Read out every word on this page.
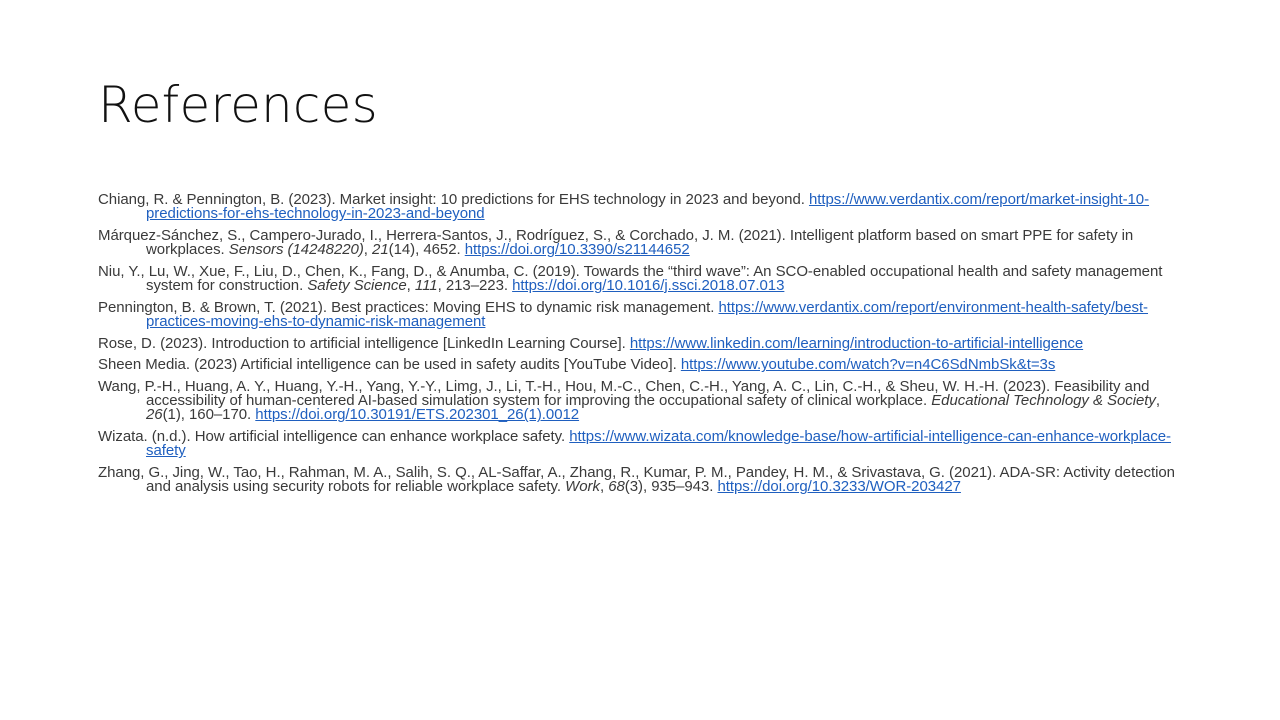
References

Chiang, R. & Pennington, B. (2023). Market insight: 10 predictions for EHS technology in 2023 and beyond. https://www.verdantix.com/report/market-insight-10-predictions-for-ehs-technology-in-2023-and-beyond

Márquez-Sánchez, S., Campero-Jurado, I., Herrera-Santos, J., Rodríguez, S., & Corchado, J. M. (2021). Intelligent platform based on smart PPE for safety in workplaces. Sensors (14248220), 21(14), 4652. https://doi.org/10.3390/s21144652

Niu, Y., Lu, W., Xue, F., Liu, D., Chen, K., Fang, D., & Anumba, C. (2019). Towards the “third wave”: An SCO-enabled occupational health and safety management system for construction. Safety Science, 111, 213–223. https://doi.org/10.1016/j.ssci.2018.07.013

Pennington, B. & Brown, T. (2021). Best practices: Moving EHS to dynamic risk management. https://www.verdantix.com/report/environment-health-safety/best-practices-moving-ehs-to-dynamic-risk-management

Rose, D. (2023). Introduction to artificial intelligence [LinkedIn Learning Course]. https://www.linkedin.com/learning/introduction-to-artificial-intelligence

Sheen Media. (2023) Artificial intelligence can be used in safety audits [YouTube Video]. https://www.youtube.com/watch?v=n4C6SdNmbSk&t=3s

Wang, P.-H., Huang, A. Y., Huang, Y.-H., Yang, Y.-Y., Limg, J., Li, T.-H., Hou, M.-C., Chen, C.-H., Yang, A. C., Lin, C.-H., & Sheu, W. H.-H. (2023). Feasibility and accessibility of human-centered AI-based simulation system for improving the occupational safety of clinical workplace. Educational Technology & Society, 26(1), 160–170. https://doi.org/10.30191/ETS.202301_26(1).0012

Wizata. (n.d.). How artificial intelligence can enhance workplace safety. https://www.wizata.com/knowledge-base/how-artificial-intelligence-can-enhance-workplace-safety

Zhang, G., Jing, W., Tao, H., Rahman, M. A., Salih, S. Q., AL-Saffar, A., Zhang, R., Kumar, P. M., Pandey, H. M., & Srivastava, G. (2021). ADA-SR: Activity detection and analysis using security robots for reliable workplace safety. Work, 68(3), 935–943. https://doi.org/10.3233/WOR-203427
